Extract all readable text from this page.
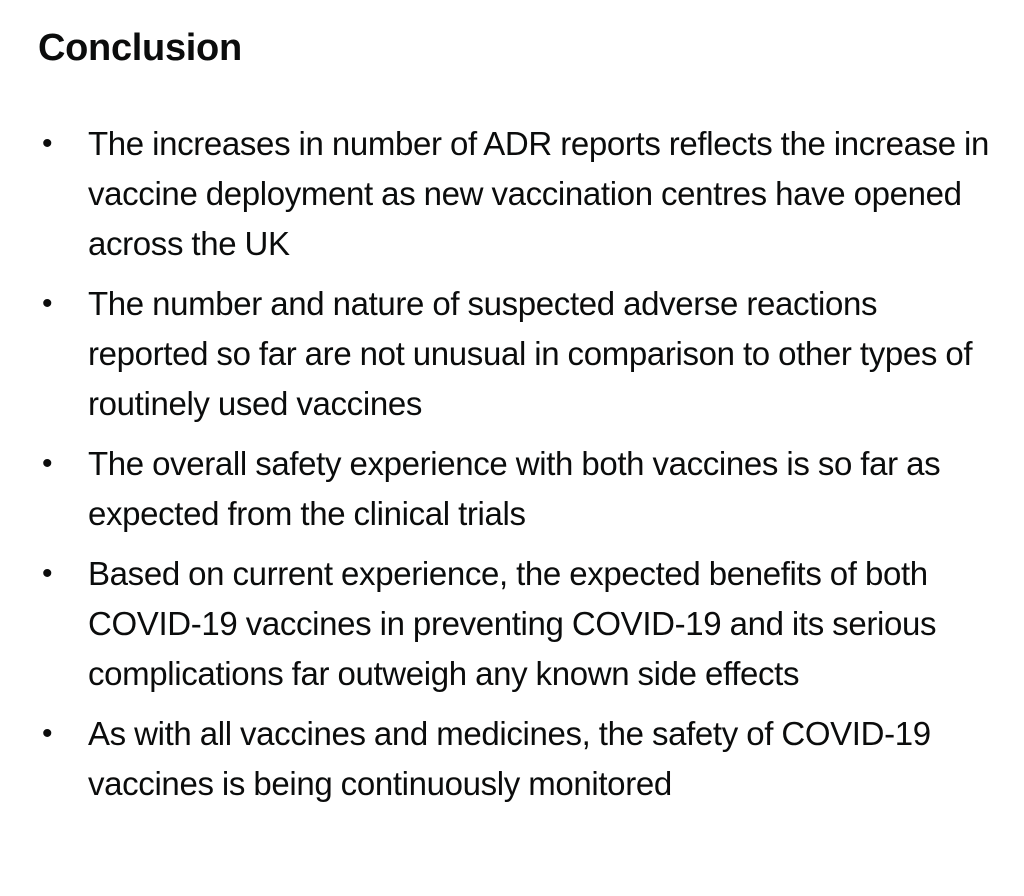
Conclusion
• The increases in number of ADR reports reflects the increase in vaccine deployment as new vaccination centres have opened across the UK
• The number and nature of suspected adverse reactions reported so far are not unusual in comparison to other types of routinely used vaccines
• The overall safety experience with both vaccines is so far as expected from the clinical trials
• Based on current experience, the expected benefits of both COVID-19 vaccines in preventing COVID-19 and its serious complications far outweigh any known side effects
• As with all vaccines and medicines, the safety of COVID-19 vaccines is being continuously monitored
